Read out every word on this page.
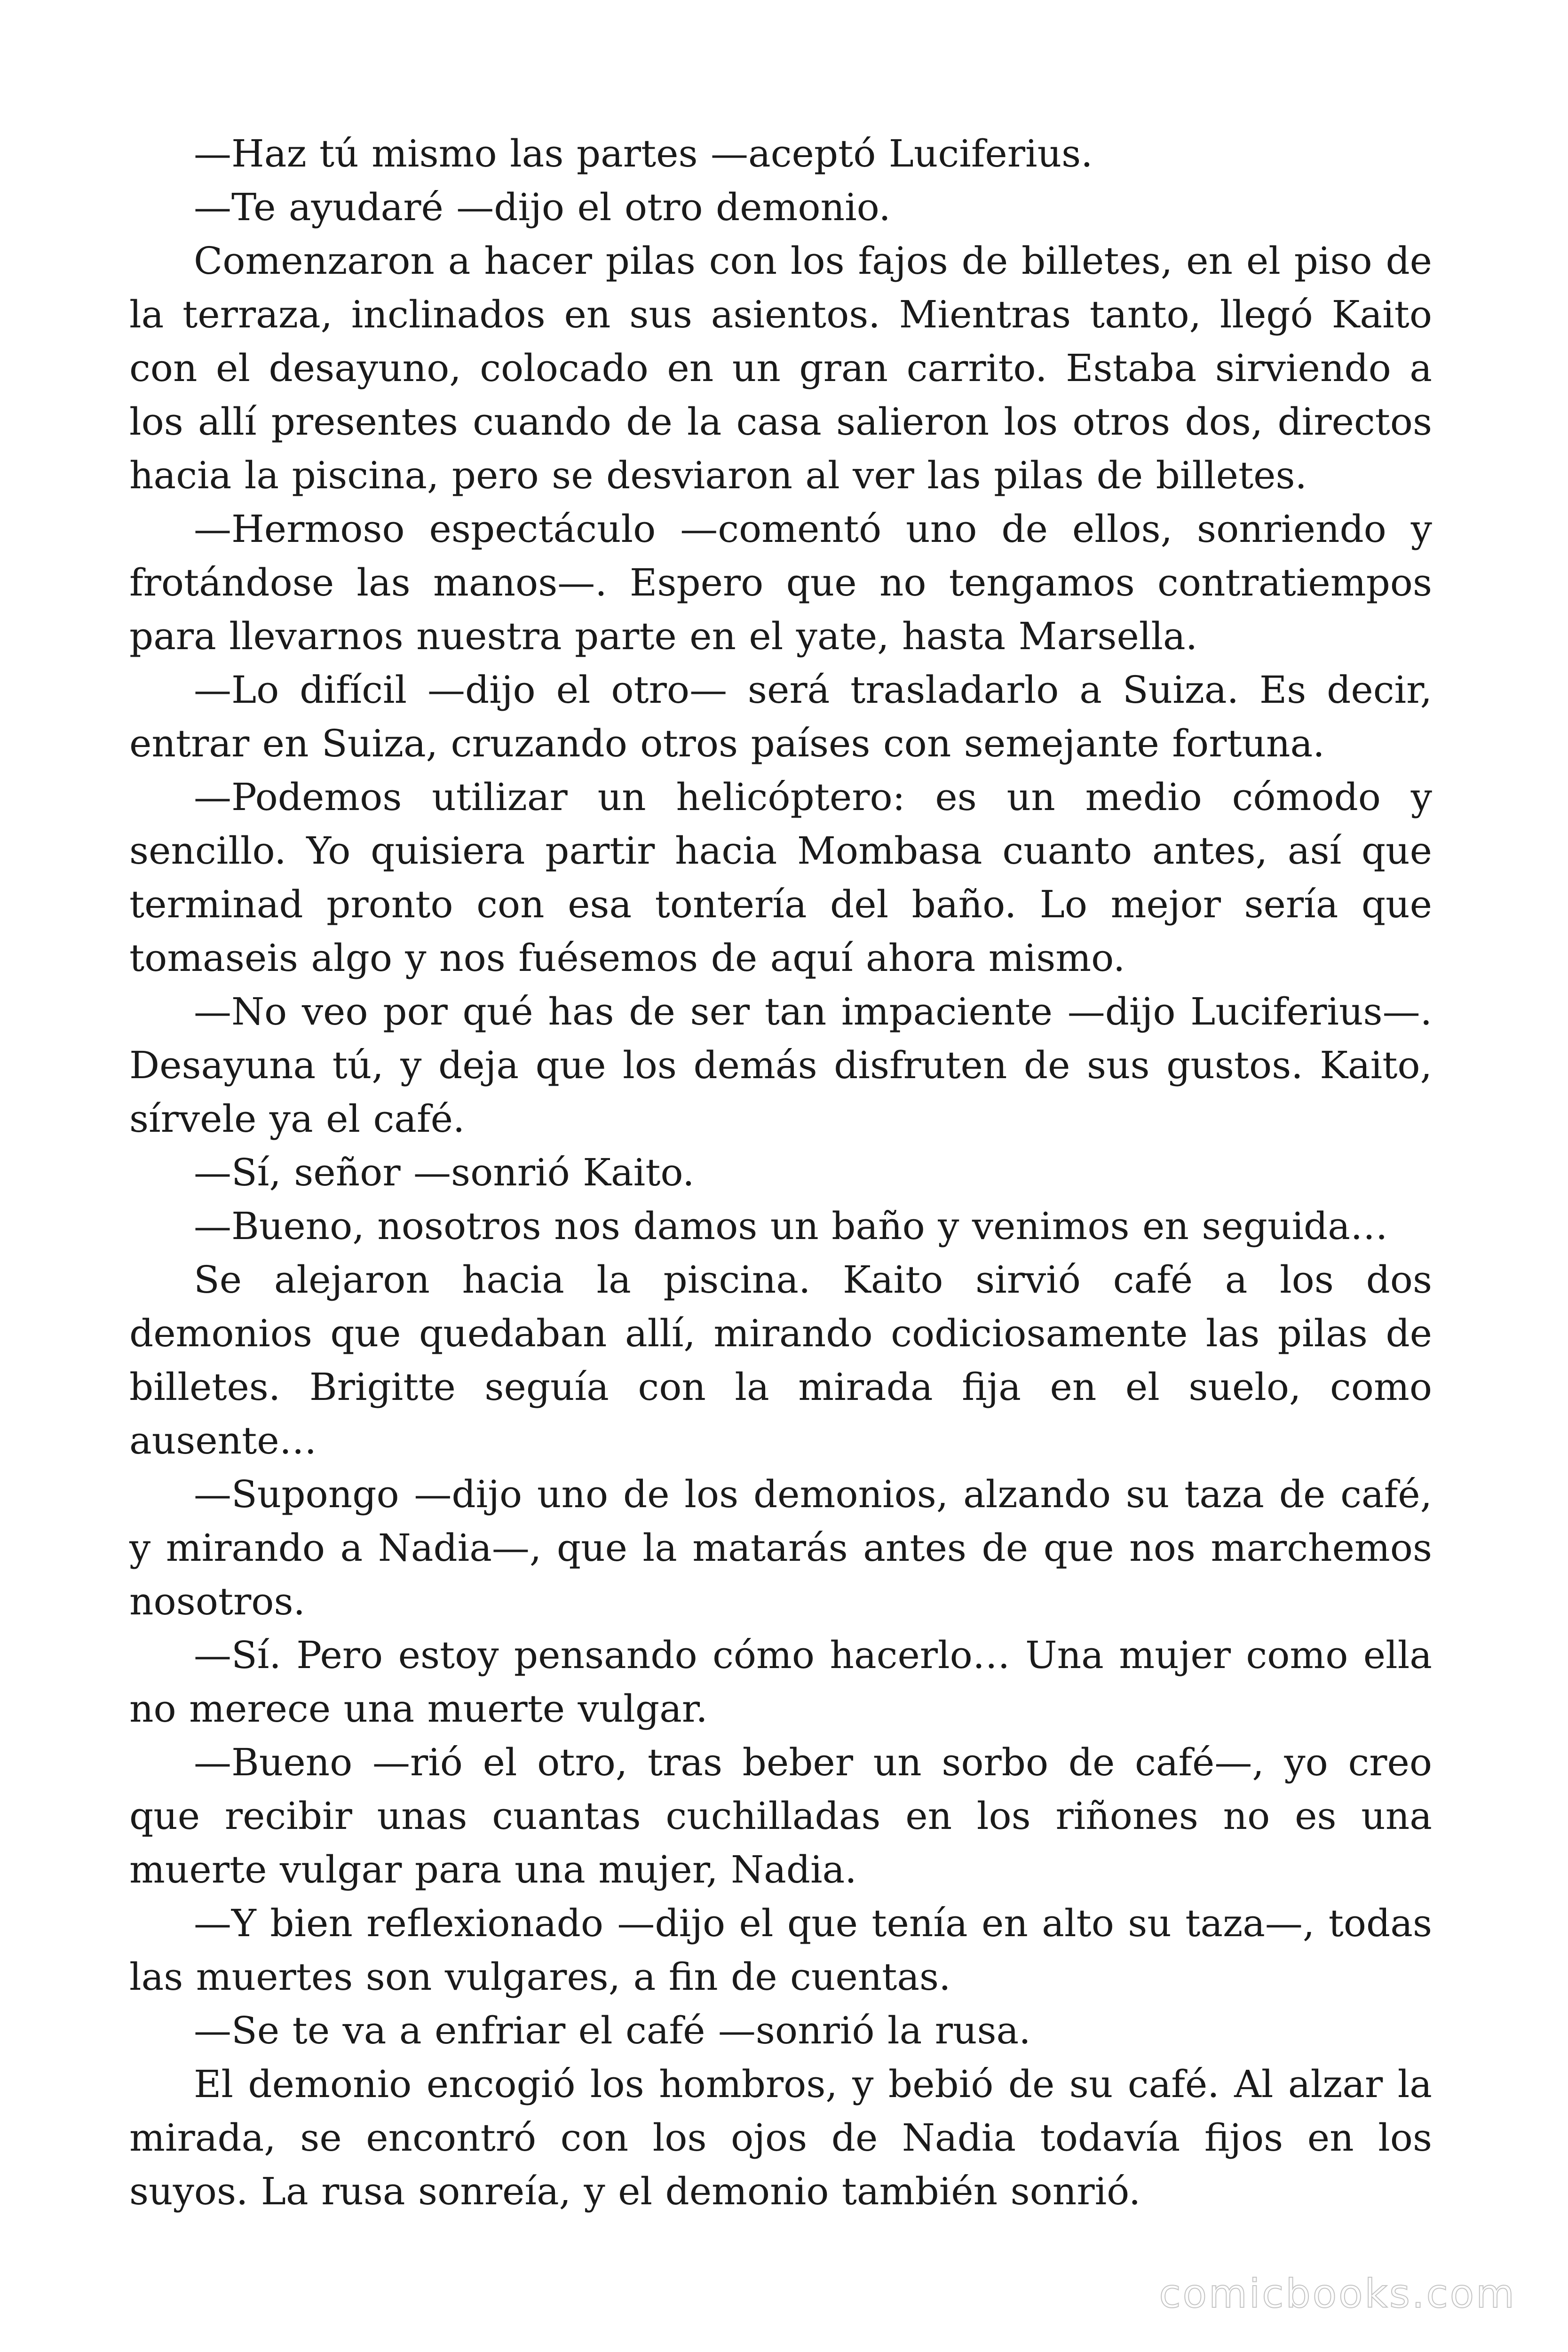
—Haz tú mismo las partes —aceptó Luciferius.

—Te ayudaré —dijo el otro demonio.

Comenzaron a hacer pilas con los fajos de billetes, en el piso de la terraza, inclinados en sus asientos. Mientras tanto, llegó Kaito con el desayuno, colocado en un gran carrito. Estaba sirviendo a los allí presentes cuando de la casa salieron los otros dos, directos hacia la piscina, pero se desviaron al ver las pilas de billetes.

—Hermoso espectáculo —comentó uno de ellos, sonriendo y frotándose las manos—. Espero que no tengamos contratiempos para llevarnos nuestra parte en el yate, hasta Marsella.

—Lo difícil —dijo el otro— será trasladarlo a Suiza. Es decir, entrar en Suiza, cruzando otros países con semejante fortuna.

—Podemos utilizar un helicóptero: es un medio cómodo y sencillo. Yo quisiera partir hacia Mombasa cuanto antes, así que terminad pronto con esa tontería del baño. Lo mejor sería que tomaseis algo y nos fuésemos de aquí ahora mismo.

—No veo por qué has de ser tan impaciente —dijo Luciferius—. Desayuna tú, y deja que los demás disfruten de sus gustos. Kaito, sírvele ya el café.

—Sí, señor —sonrió Kaito.

—Bueno, nosotros nos damos un baño y venimos en seguida…

Se alejaron hacia la piscina. Kaito sirvió café a los dos demonios que quedaban allí, mirando codiciosamente las pilas de billetes. Brigitte seguía con la mirada fija en el suelo, como ausente…

—Supongo —dijo uno de los demonios, alzando su taza de café, y mirando a Nadia—, que la matarás antes de que nos marchemos nosotros.

—Sí. Pero estoy pensando cómo hacerlo… Una mujer como ella no merece una muerte vulgar.

—Bueno —rió el otro, tras beber un sorbo de café—, yo creo que recibir unas cuantas cuchilladas en los riñones no es una muerte vulgar para una mujer, Nadia.

—Y bien reflexionado —dijo el que tenía en alto su taza—, todas las muertes son vulgares, a fin de cuentas.

—Se te va a enfriar el café —sonrió la rusa.

El demonio encogió los hombros, y bebió de su café. Al alzar la mirada, se encontró con los ojos de Nadia todavía fijos en los suyos. La rusa sonreía, y el demonio también sonrió.

comicbooks.com
